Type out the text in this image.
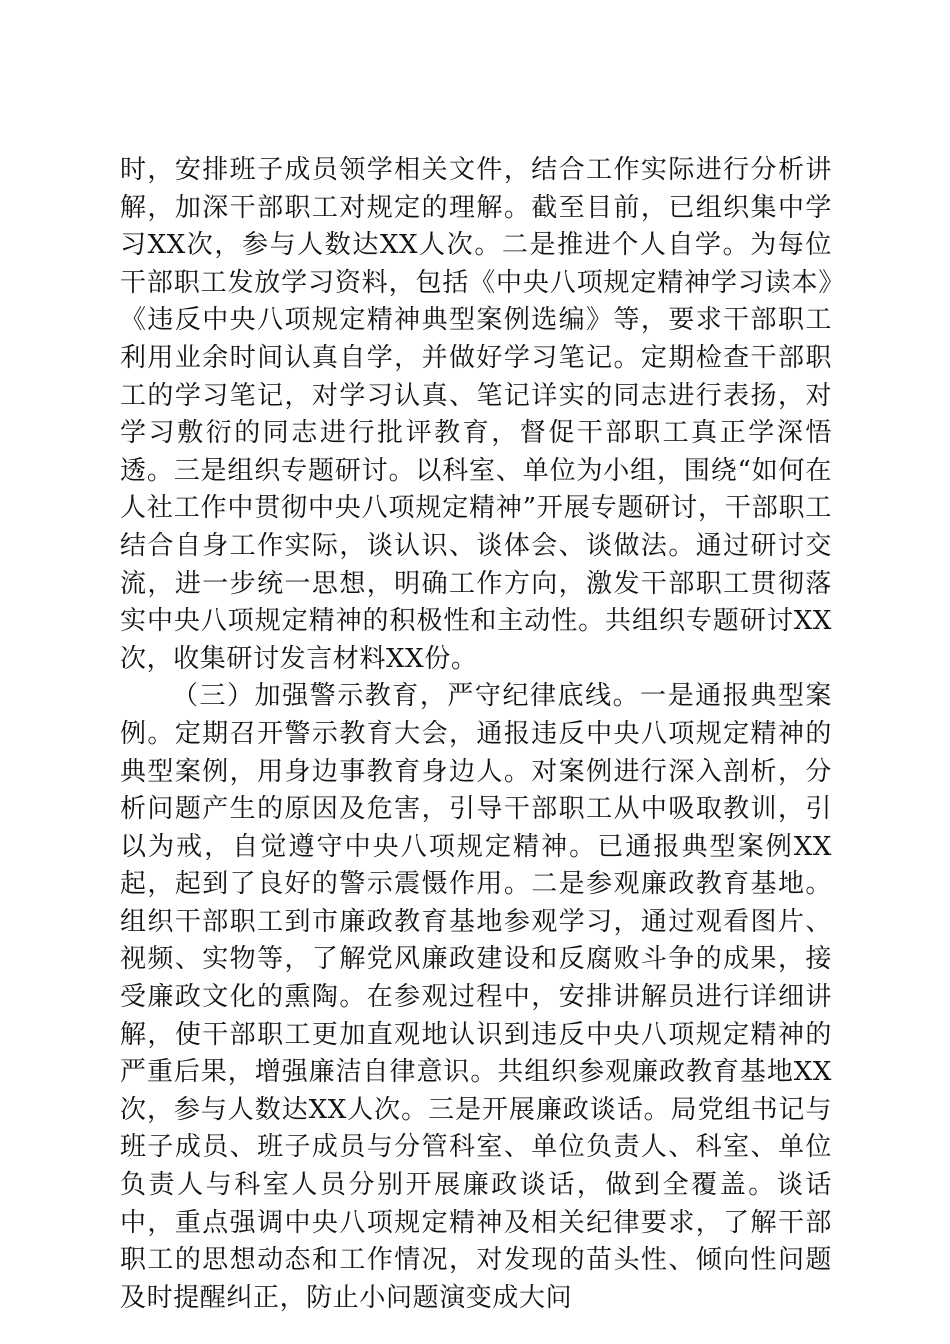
时，安排班子成员领学相关文件，结合工作实际进行分析讲解，加深干部职工对规定的理解。截至目前，已组织集中学习XX次，参与人数达XX人次。二是推进个人自学。为每位干部职工发放学习资料，包括《中央八项规定精神学习读本》《违反中央八项规定精神典型案例选编》等，要求干部职工利用业余时间认真自学，并做好学习笔记。定期检查干部职工的学习笔记，对学习认真、笔记详实的同志进行表扬，对学习敷衍的同志进行批评教育，督促干部职工真正学深悟透。三是组织专题研讨。以科室、单位为小组，围绕“如何在人社工作中贯彻中央八项规定精神”开展专题研讨，干部职工结合自身工作实际，谈认识、谈体会、谈做法。通过研讨交流，进一步统一思想，明确工作方向，激发干部职工贯彻落实中央八项规定精神的积极性和主动性。共组织专题研讨XX次，收集研讨发言材料XX份。

（三）加强警示教育，严守纪律底线。一是通报典型案例。定期召开警示教育大会，通报违反中央八项规定精神的典型案例，用身边事教育身边人。对案例进行深入剖析，分析问题产生的原因及危害，引导干部职工从中吸取教训，引以为戒，自觉遵守中央八项规定精神。已通报典型案例XX起，起到了良好的警示震慑作用。二是参观廉政教育基地。组织干部职工到市廉政教育基地参观学习，通过观看图片、视频、实物等，了解党风廉政建设和反腐败斗争的成果，接受廉政文化的熏陶。在参观过程中，安排讲解员进行详细讲解，使干部职工更加直观地认识到违反中央八项规定精神的严重后果，增强廉洁自律意识。共组织参观廉政教育基地XX次，参与人数达XX人次。三是开展廉政谈话。局党组书记与班子成员、班子成员与分管科室、单位负责人、科室、单位负责人与科室人员分别开展廉政谈话，做到全覆盖。谈话中，重点强调中央八项规定精神及相关纪律要求，了解干部职工的思想动态和工作情况，对发现的苗头性、倾向性问题及时提醒纠正，防止小问题演变成大问
